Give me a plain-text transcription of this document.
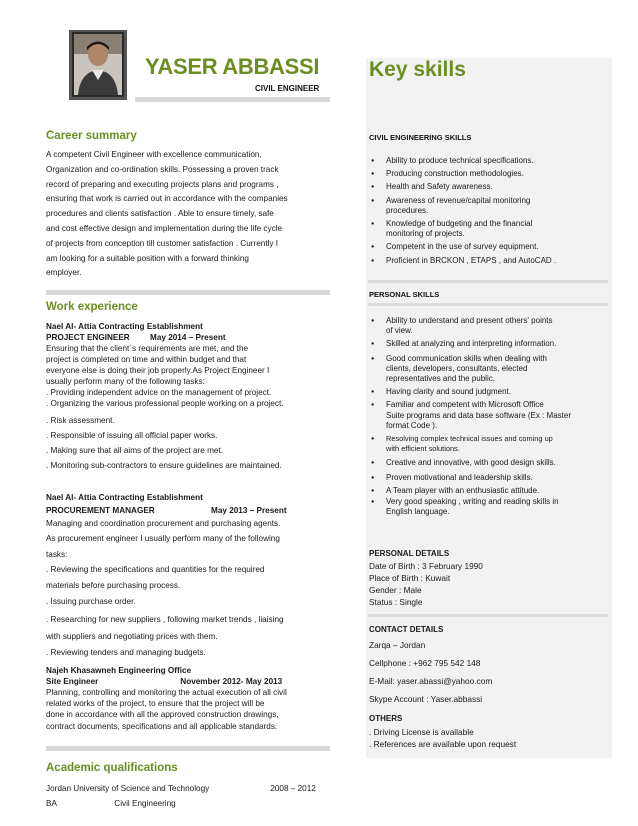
YASER ABBASSI
CIVIL ENGINEER
Career summary
A competent Civil Engineer with excellence communication,
Organization and co-ordination skills. Possessing a proven track
record of preparing and executing projects plans and programs ,
ensuring that work is carried out in accordance with the companies
procedures and clients satisfaction . Able to ensure timely, safe
and cost effective design and implementation during the life cycle
of projects from conception till customer satisfaction . Currently I
am looking for a suitable position with a forward thinking
employer.
Work experience
Nael Al- Attia Contracting Establishment
PROJECT ENGINEER May 2014 – Present
Ensuring that the client`s requirements are met, and the
project is completed on time and within budget and that
everyone else is doing their job properly.As Project Engineer I
usually perform many of the following tasks:
. Providing independent advice on the management of project.
. Organizing the various professional people working on a project.
. Risk assessment.
. Responsible of issuing all official paper works.
. Making sure that all aims of the project are met.
. Monitoring sub-contractors to ensure guidelines are maintained.
Nael Al- Attia Contracting Establishment
PROCUREMENT MANAGER	May 2013 – Present
Managing and coordination procurement and purchasing agents.
As procurement engineer I usually perform many of the following
tasks:
. Reviewing the specifications and quantities for the required
materials before purchasing process.
. Issuing purchase order.
. Researching for new suppliers , following market trends , liaising
with suppliers and negotiating prices with them.
. Reviewing tenders and managing budgets.
Najeh Khasawneh Engineering Office
Site Engineer	November 2012- May 2013
Planning, controlling and monitoring the actual execution of all civil
related works of the project, to ensure that the project will be
done in accordance with all the approved construction drawings,
contract documents, specifications and all applicable standards.
Academic qualifications
Jordan University of Science and Technology	2008 – 2012
BA	Civil Engineering
Key skills
CIVIL ENGINEERING SKILLS
● Ability to produce technical specifications.
● Producing construction methodologies.
● Health and Safety awareness.
● Awareness of revenue/capital monitoring
procedures.
● Knowledge of budgeting and the financial
monitoring of projects.
● Competent in the use of survey equipment.
● Proficient in BRCKON , ETAPS , and AutoCAD .
PERSONAL SKILLS
● Ability to understand and present others' points
of view.
● Skilled at analyzing and interpreting information.
● Good communication skills when dealing with
clients, developers, consultants, elected
representatives and the public.
● Having clarity and sound judgment.
● Familiar and competent with Microsoft Office
Suite programs and data base software (Ex : Master
format Code ).
● Resolving complex technical issues and coming up
with efficient solutions.
● Creative and innovative, with good design skills.
● Proven motivational and leadership skills.
● A Team player with an enthusiastic attitude.
● Very good speaking , writing and reading skills in
English language.
PERSONAL DETAILS
Date of Birth : 3 February 1990
Place of Birth : Kuwait
Gender : Male
Status : Single
CONTACT DETAILS
Zarqa – Jordan
Cellphone : +962 795 542 148
E-Mail: yaser.abassi@yahoo.com
Skype Account : Yaser.abbassi
OTHERS
. Driving License is available
. References are available upon request
